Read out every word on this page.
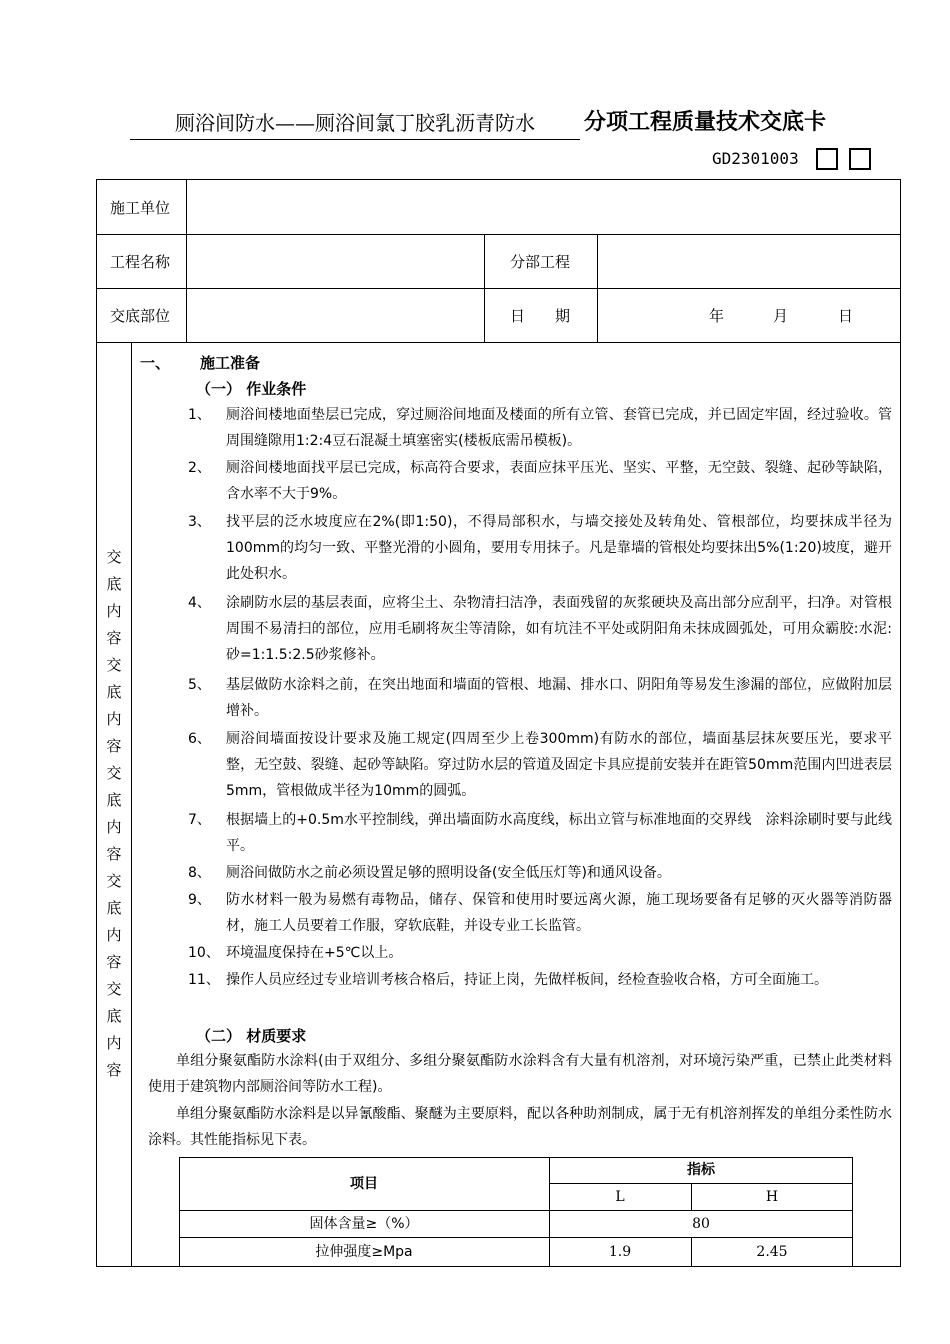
厕浴间防水——厕浴间氯丁胶乳沥青防水	分项工程质量技术交底卡
GD2301003
施工单位
工程名称	分部工程
交底部位	日　　期	年	月	日
交底内容交底内容交底内容交底内容交底内容
一、 施工准备
（一） 作业条件
1、	厕浴间楼地面垫层已完成，穿过厕浴间地面及楼面的所有立管、套管已完成，并已固定牢固，经过验收。管周围缝隙用1:2:4豆石混凝土填塞密实(楼板底需吊模板)。
2、	厕浴间楼地面找平层已完成，标高符合要求，表面应抹平压光、坚实、平整，无空鼓、裂缝、起砂等缺陷，含水率不大于9%。
3、	找平层的泛水坡度应在2%(即1:50)，不得局部积水，与墙交接处及转角处、管根部位，均要抹成半径为100mm的均匀一致、平整光滑的小圆角，要用专用抹子。凡是靠墙的管根处均要抹出5%(1:20)坡度，避开此处积水。
4、	涂刷防水层的基层表面，应将尘土、杂物清扫洁净，表面残留的灰浆硬块及高出部分应刮平，扫净。对管根周围不易清扫的部位，应用毛刷将灰尘等清除，如有坑洼不平处或阴阳角未抹成圆弧处，可用众霸胶:水泥:砂=1:1.5:2.5砂浆修补。
5、	基层做防水涂料之前，在突出地面和墙面的管根、地漏、排水口、阴阳角等易发生渗漏的部位，应做附加层增补。
6、	厕浴间墙面按设计要求及施工规定(四周至少上卷300mm)有防水的部位，墙面基层抹灰要压光，要求平整，无空鼓、裂缝、起砂等缺陷。穿过防水层的管道及固定卡具应提前安装并在距管50mm范围内凹进表层5mm，管根做成半径为10mm的圆弧。
7、	根据墙上的+0.5m水平控制线，弹出墙面防水高度线，标出立管与标准地面的交界线　涂料涂刷时要与此线平。
8、	厕浴间做防水之前必须设置足够的照明设备(安全低压灯等)和通风设备。
9、	防水材料一般为易燃有毒物品，储存、保管和使用时要远离火源，施工现场要备有足够的灭火器等消防器材，施工人员要着工作服，穿软底鞋，并设专业工长监管。
10、 环境温度保持在+5℃以上。
11、 操作人员应经过专业培训考核合格后，持证上岗，先做样板间，经检查验收合格，方可全面施工。
（二） 材质要求
单组分聚氨酯防水涂料(由于双组分、多组分聚氨酯防水涂料含有大量有机溶剂，对环境污染严重，已禁止此类材料使用于建筑物内部厕浴间等防水工程)。
单组分聚氨酯防水涂料是以异氰酸酯、聚醚为主要原料，配以各种助剂制成，属于无有机溶剂挥发的单组分柔性防水涂料。其性能指标见下表。
项目
指标
L	H
固体含量≥（%）	80
拉伸强度≥Mpa	1.9	2.45
